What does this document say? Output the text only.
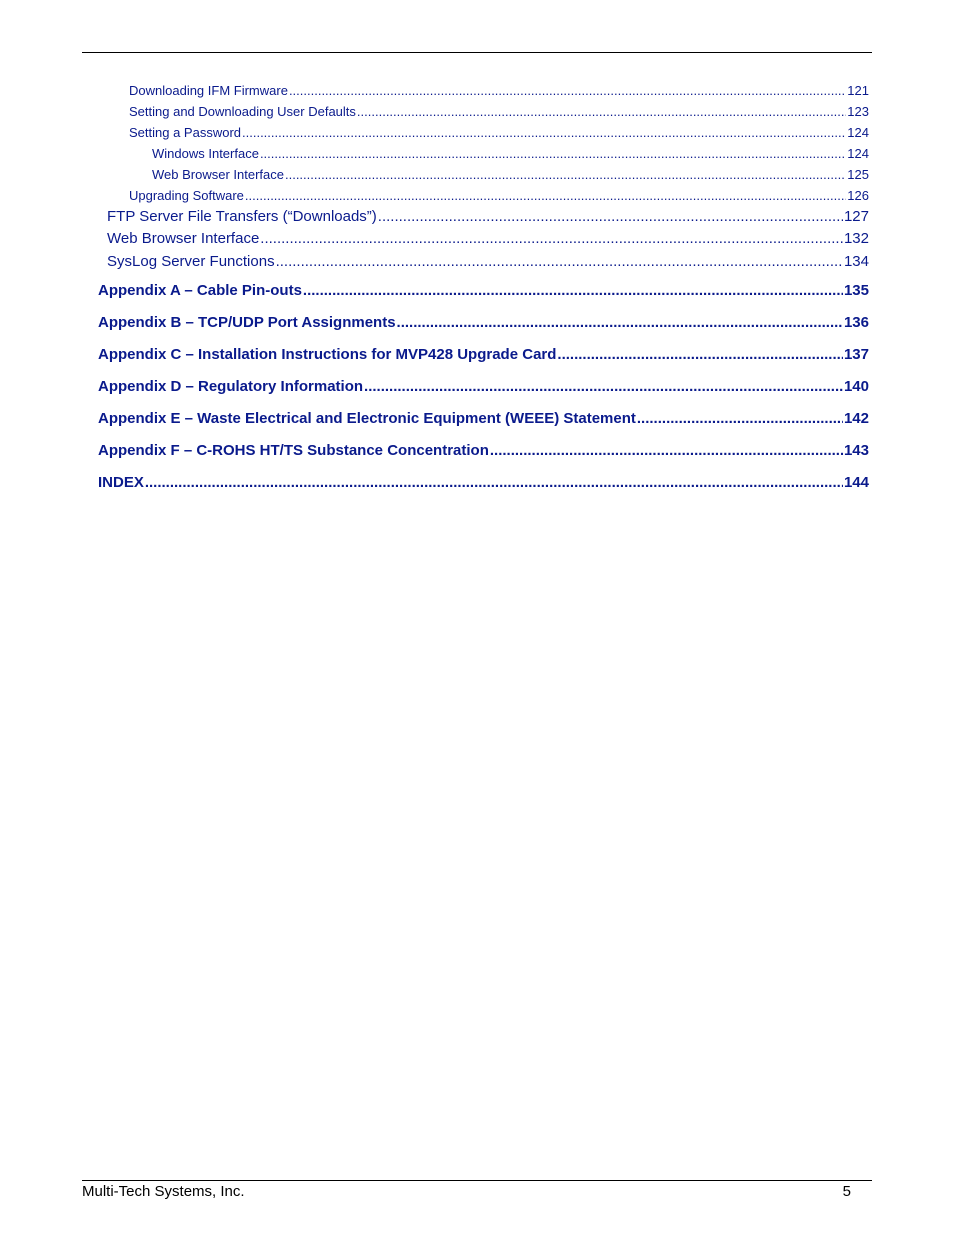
Downloading IFM Firmware .....	121
Setting and Downloading User Defaults .....	123
Setting a Password .....	124
Windows Interface .....	124
Web Browser Interface .....	125
Upgrading Software .....	126
FTP Server File Transfers (“Downloads”) .....	127
Web Browser Interface .....	132
SysLog Server Functions .....	134
Appendix A – Cable Pin-outs .....	135
Appendix B – TCP/UDP Port Assignments .....	136
Appendix C – Installation Instructions for MVP428 Upgrade Card .....	137
Appendix D – Regulatory Information .....	140
Appendix E – Waste Electrical and Electronic Equipment (WEEE) Statement .....	142
Appendix F – C-ROHS HT/TS Substance Concentration .....	143
INDEX .....	144
Multi-Tech Systems, Inc.	5
